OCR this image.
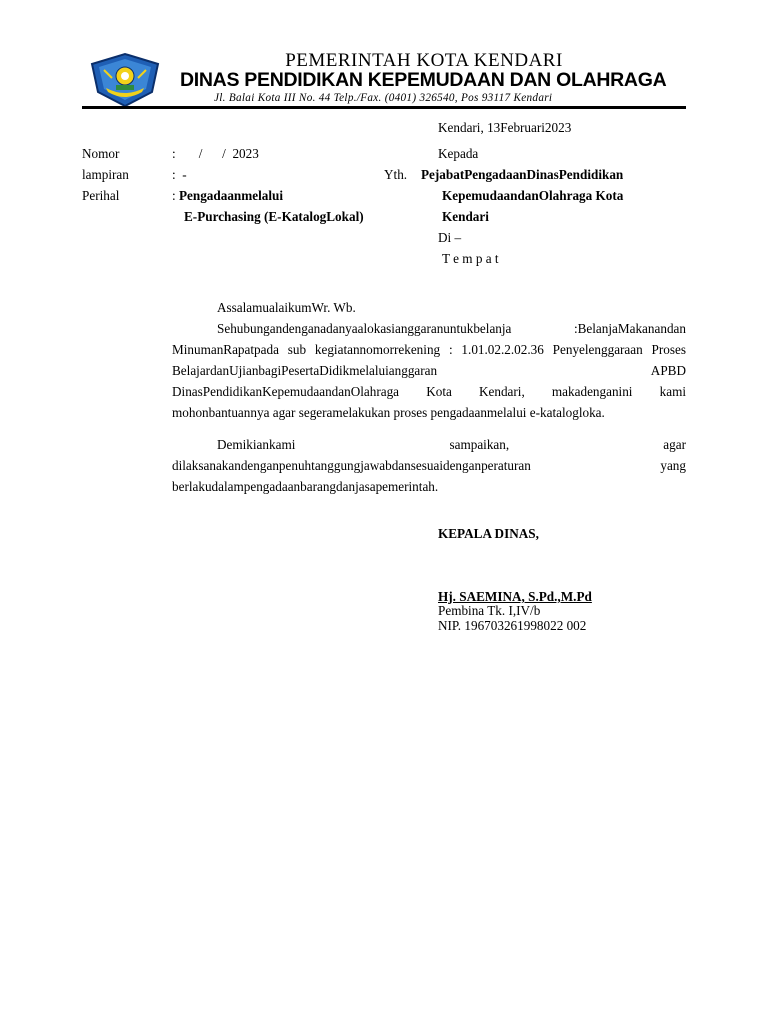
PEMERINTAH KOTA KENDARI
DINAS PENDIDIKAN KEPEMUDAAN DAN OLAHRAGA
Jl. Balai Kota III No. 44 Telp./Fax. (0401) 326540, Pos 93117 Kendari
Kendari, 13Februari2023
Nomor	:       /      /  2023
lampiran	:  -
Perihal	: Pengadaanmelalui
E-Purchasing (E-KatalogLokal)
Kepada
Yth. PejabatPengadaanDinasPendidikan
KepemudaandanOlahraga Kota
Kendari
Di –
T e m p a t
AssalamualaikumWr. Wb.
Sehubungandenganadanyaalokasianggaranuntukbelanja :BelanjaMakanandan MinumanRapatpada sub kegiatannomorrekening : 1.01.02.2.02.36 Penyelenggaraan Proses BelajardanUjianbagiPesertaDidikmelaluianggaran APBD DinasPendidikanKepemudaandanOlahraga Kota Kendari, makadenganini kami mohonbantuannya agar segeramelakukan proses pengadaanmelalui e-katalogloka.
Demikiankami	sampaikan,	agar
dilaksanakandenganpenuhtanggungjawabdansesuaidenganperaturan	yang
berlakudalampengadaanbarangdanjasapemerintah.
KEPALA DINAS,
Hj. SAEMINA, S.Pd.,M.Pd
Pembina Tk. I,IV/b
NIP. 196703261998022 002
